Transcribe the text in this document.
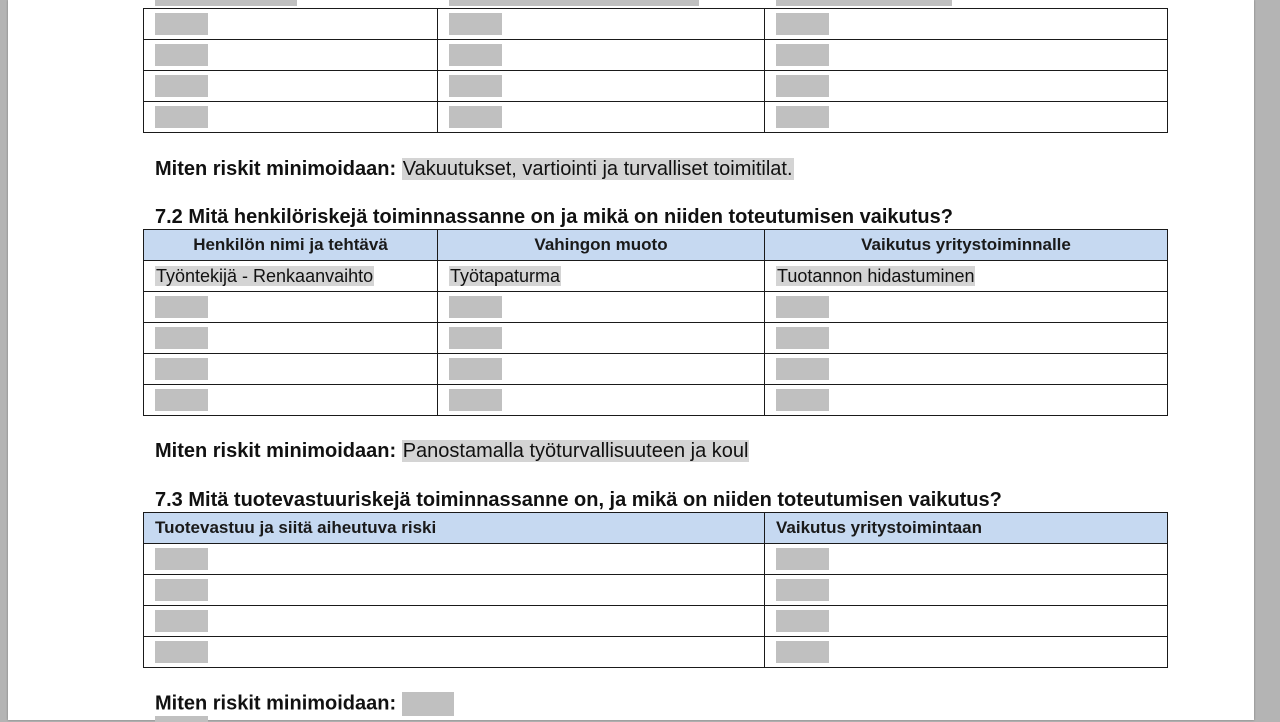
Miten riskit minimoidaan: Vakuutukset, vartiointi ja turvalliset toimitilat.
7.2 Mitä henkilöriskejä toiminnassanne on ja mikä on niiden toteutumisen vaikutus?
Henkilön nimi ja tehtävä	Vahingon muoto	Vaikutus yritystoiminnalle
Työntekijä - Renkaanvaihto	Työtapaturma	Tuotannon hidastuminen

Miten riskit minimoidaan: Panostamalla työturvallisuuteen ja koul
7.3 Mitä tuotevastuuriskejä toiminnassanne on, ja mikä on niiden toteutumisen vaikutus?
Tuotevastuu ja siitä aiheutuva riski	Vaikutus yritystoimintaan

Miten riskit minimoidaan:
